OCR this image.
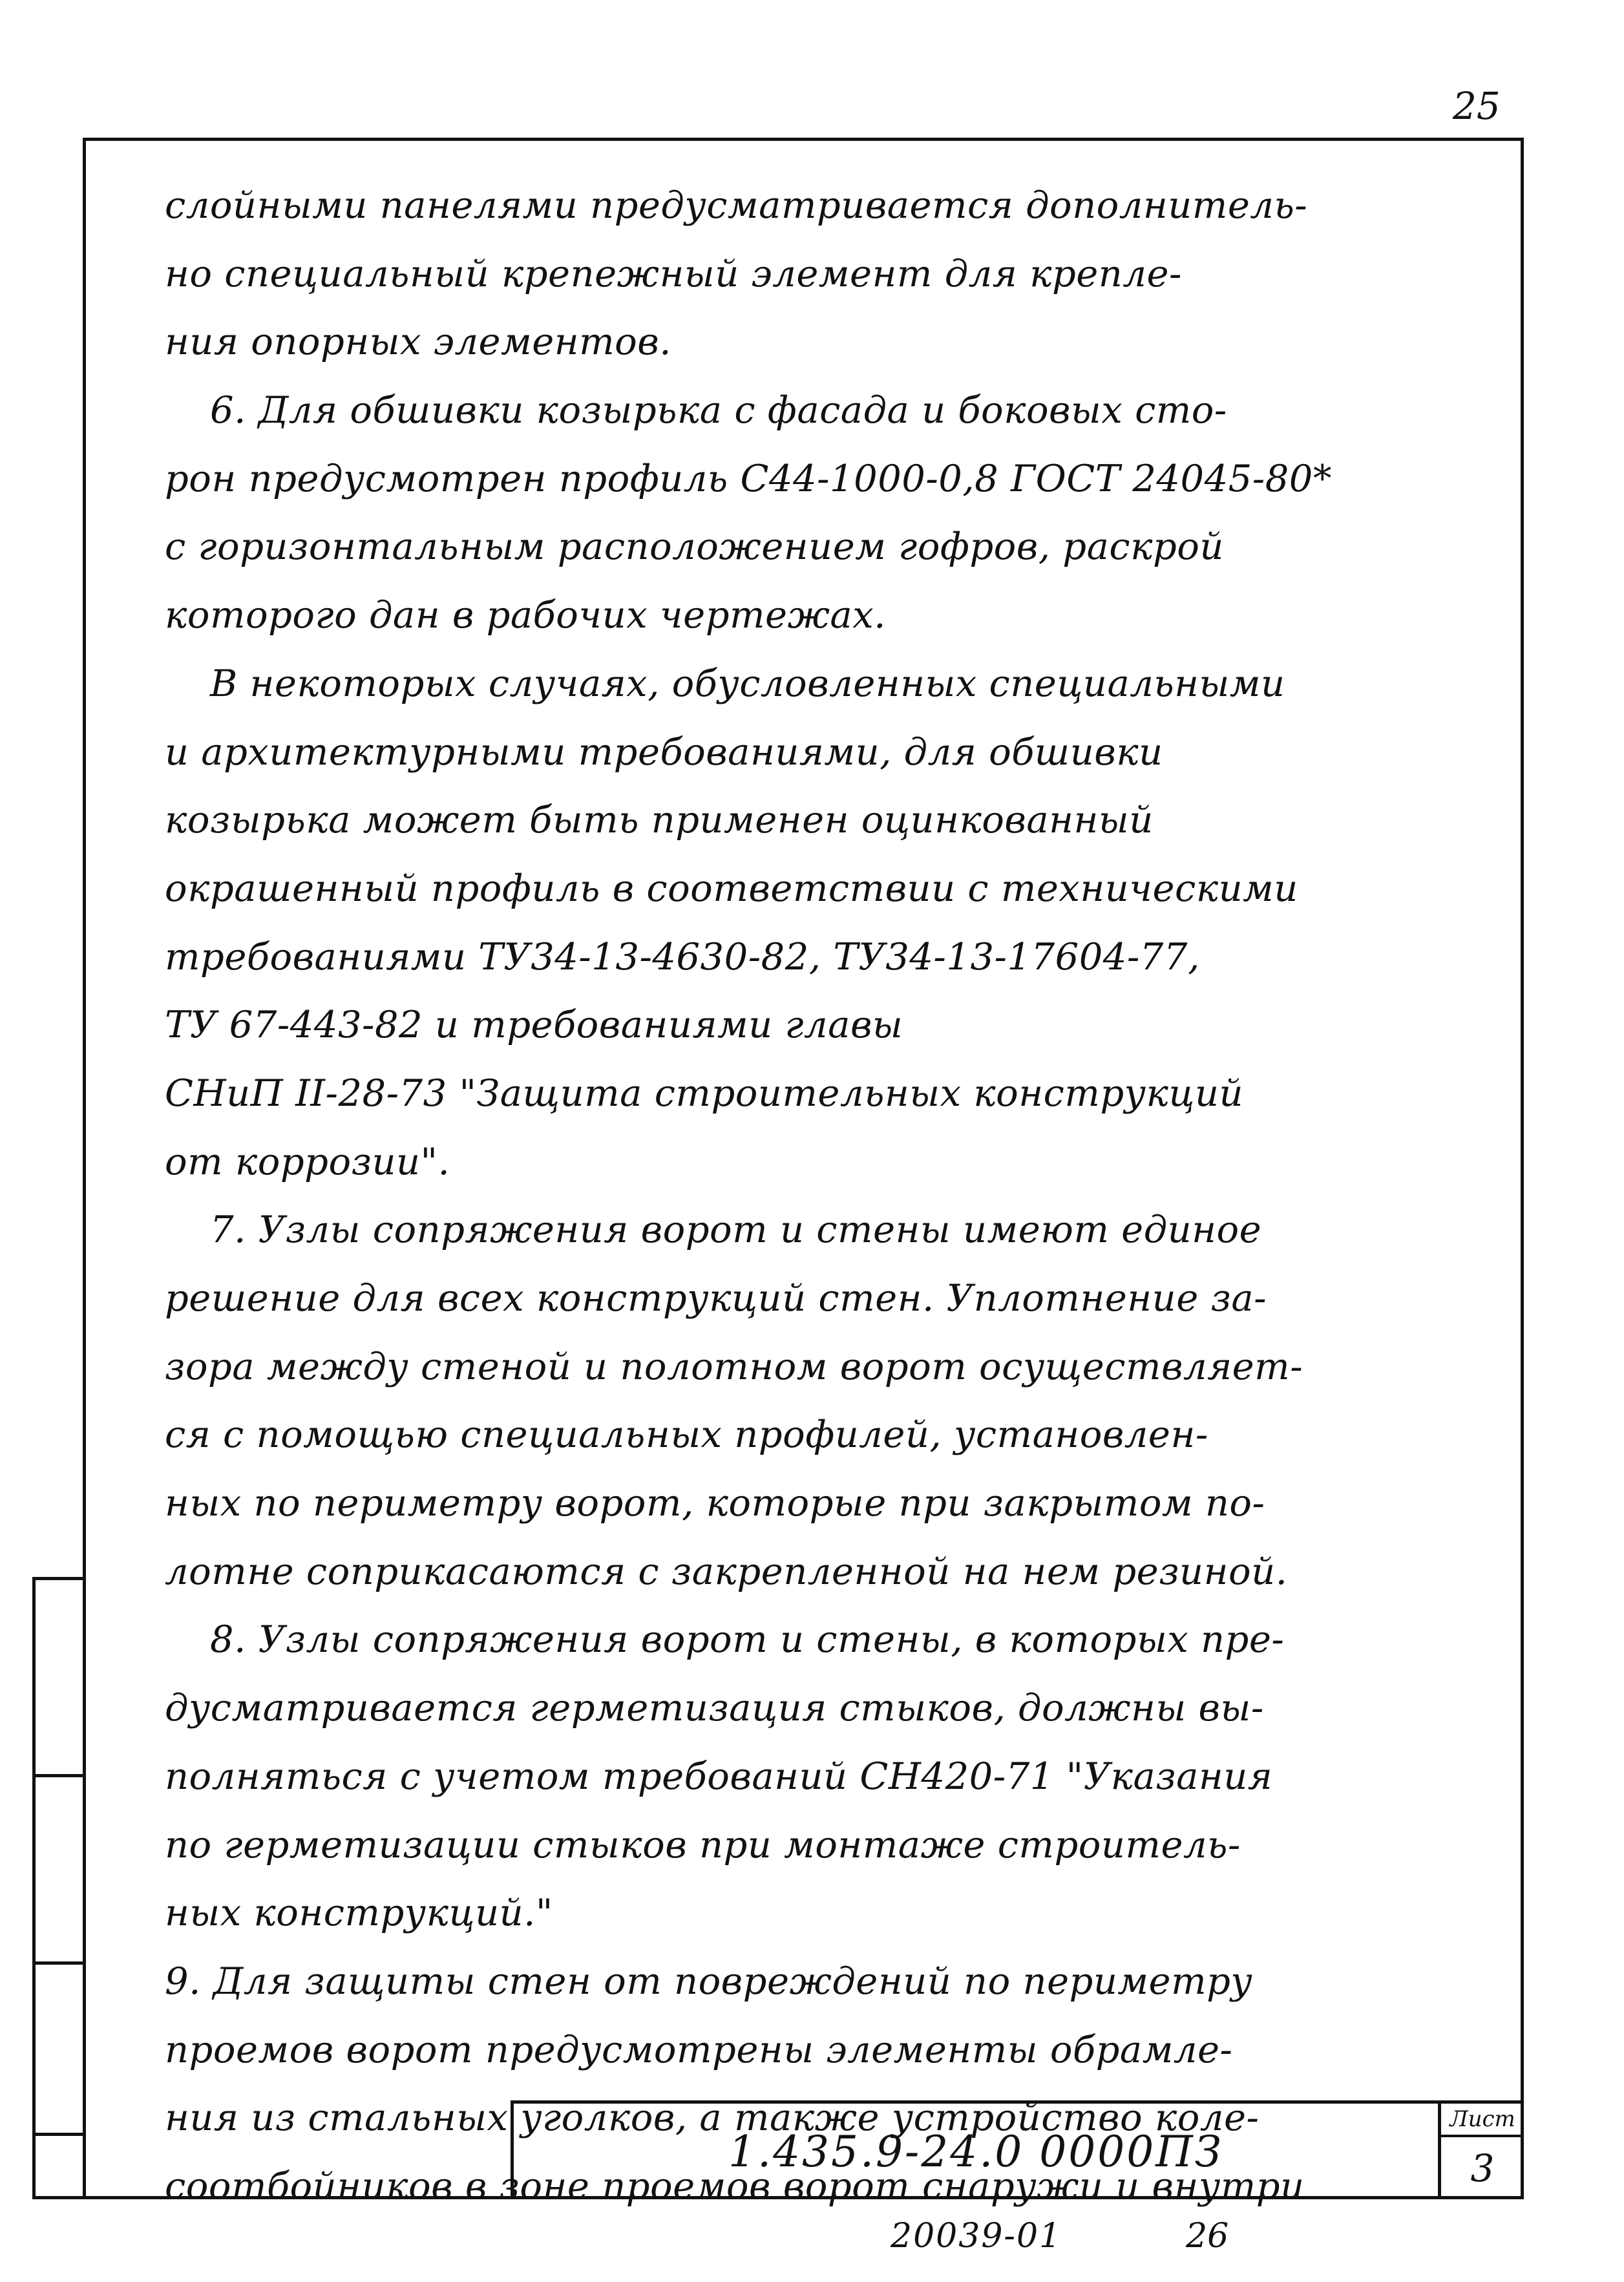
25
слойными панелями предусматривается дополнитель-
но специальный крепежный элемент для крепле-
ния опорных элементов.
6. Для обшивки козырька с фасада и боковых сто-
рон предусмотрен профиль С44-1000-0,8 ГОСТ 24045-80*
с горизонтальным расположением гофров, раскрой
которого дан в рабочих чертежах.
В некоторых случаях, обусловленных специальными
и архитектурными требованиями, для обшивки
козырька может быть применен оцинкованный
окрашенный профиль в соответствии с техническими
требованиями ТУ34-13-4630-82, ТУ34-13-17604-77,
ТУ 67-443-82 и требованиями главы
СНиП II-28-73 "Защита строительных конструкций
от коррозии".
7. Узлы сопряжения ворот и стены имеют единое
решение для всех конструкций стен. Уплотнение за-
зора между стеной и полотном ворот осуществляет-
ся с помощью специальных профилей, установлен-
ных по периметру ворот, которые при закрытом по-
лотне соприкасаются с закрепленной на нем резиной.
8. Узлы сопряжения ворот и стены, в которых пре-
дусматривается герметизация стыков, должны вы-
полняться с учетом требований СН420-71 "Указания
по герметизации стыков при монтаже строитель-
ных конструкций."
9. Для защиты стен от повреждений по периметру
проемов ворот предусмотрены элементы обрамле-
ния из стальных уголков, а также устройство коле-
соотбойников в зоне проемов ворот снаружи и внутри
1.435.9-24.0 0000ПЗ
Лист
3
20039-01	26
